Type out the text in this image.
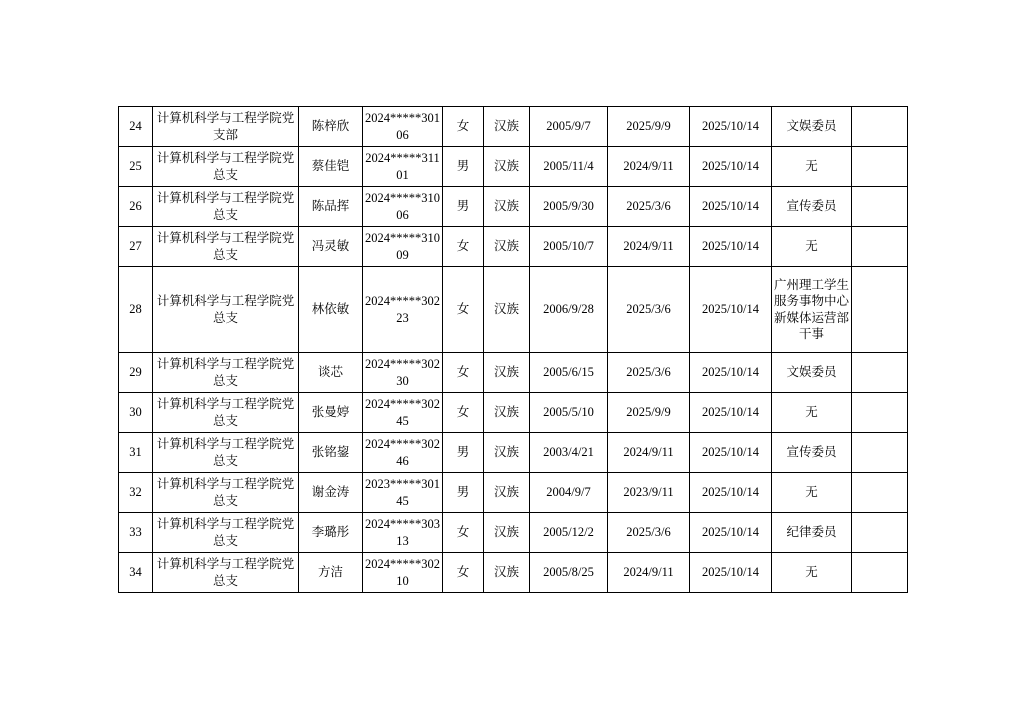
24	计算机科学与工程学院党支部	陈梓欣	2024*****30106	女	汉族	2005/9/7	2025/9/9	2025/10/14	文娱委员	
25	计算机科学与工程学院党总支	蔡佳铠	2024*****31101	男	汉族	2005/11/4	2024/9/11	2025/10/14	无	
26	计算机科学与工程学院党总支	陈品挥	2024*****31006	男	汉族	2005/9/30	2025/3/6	2025/10/14	宣传委员	
27	计算机科学与工程学院党总支	冯灵敏	2024*****31009	女	汉族	2005/10/7	2024/9/11	2025/10/14	无	
28	计算机科学与工程学院党总支	林依敏	2024*****30223	女	汉族	2006/9/28	2025/3/6	2025/10/14	广州理工学生服务事物中心新媒体运营部干事	
29	计算机科学与工程学院党总支	谈芯	2024*****30230	女	汉族	2005/6/15	2025/3/6	2025/10/14	文娱委员	
30	计算机科学与工程学院党总支	张曼婷	2024*****30245	女	汉族	2005/5/10	2025/9/9	2025/10/14	无	
31	计算机科学与工程学院党总支	张铭鋆	2024*****30246	男	汉族	2003/4/21	2024/9/11	2025/10/14	宣传委员	
32	计算机科学与工程学院党总支	谢金涛	2023*****30145	男	汉族	2004/9/7	2023/9/11	2025/10/14	无	
33	计算机科学与工程学院党总支	李璐彤	2024*****30313	女	汉族	2005/12/2	2025/3/6	2025/10/14	纪律委员	
34	计算机科学与工程学院党总支	方洁	2024*****30210	女	汉族	2005/8/25	2024/9/11	2025/10/14	无	
